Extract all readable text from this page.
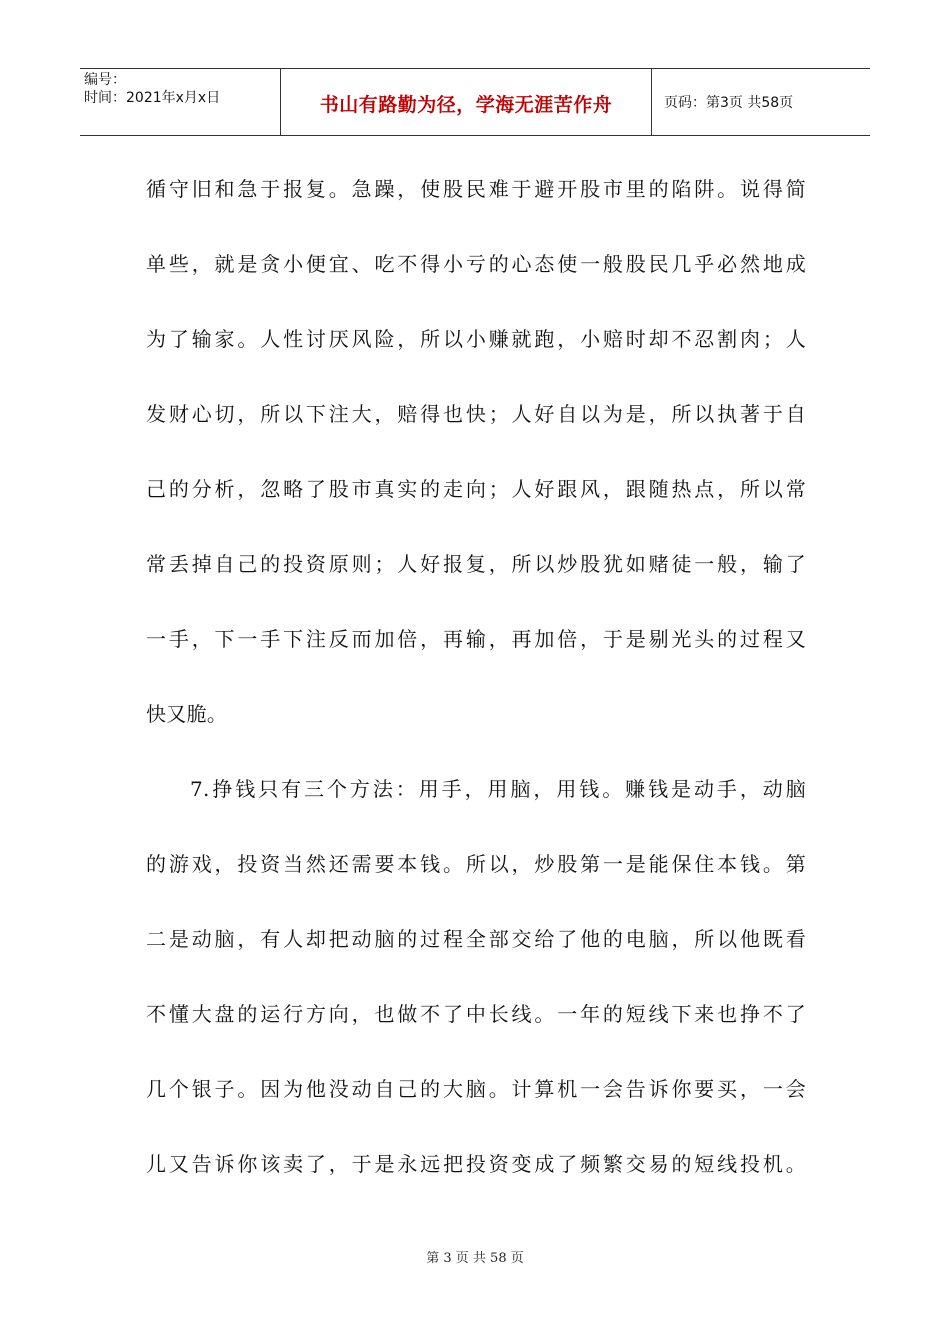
编号：
时间：2021年x月x日	书山有路勤为径，学海无涯苦作舟	页码：第3页 共58页
循守旧和急于报复。急躁，使股民难于避开股市里的陷阱。说得简
单些，就是贪小便宜、吃不得小亏的心态使一般股民几乎必然地成
为了输家。人性讨厌风险，所以小赚就跑，小赔时却不忍割肉；人
发财心切，所以下注大，赔得也快；人好自以为是，所以执著于自
己的分析，忽略了股市真实的走向；人好跟风，跟随热点，所以常
常丢掉自己的投资原则；人好报复，所以炒股犹如赌徒一般，输了
一手，下一手下注反而加倍，再输，再加倍，于是剔光头的过程又
快又脆。
7.挣钱只有三个方法：用手，用脑，用钱。赚钱是动手，动脑
的游戏，投资当然还需要本钱。所以，炒股第一是能保住本钱。第
二是动脑，有人却把动脑的过程全部交给了他的电脑，所以他既看
不懂大盘的运行方向，也做不了中长线。一年的短线下来也挣不了
几个银子。因为他没动自己的大脑。计算机一会告诉你要买，一会
儿又告诉你该卖了，于是永远把投资变成了频繁交易的短线投机。
第 3 页 共 58 页
